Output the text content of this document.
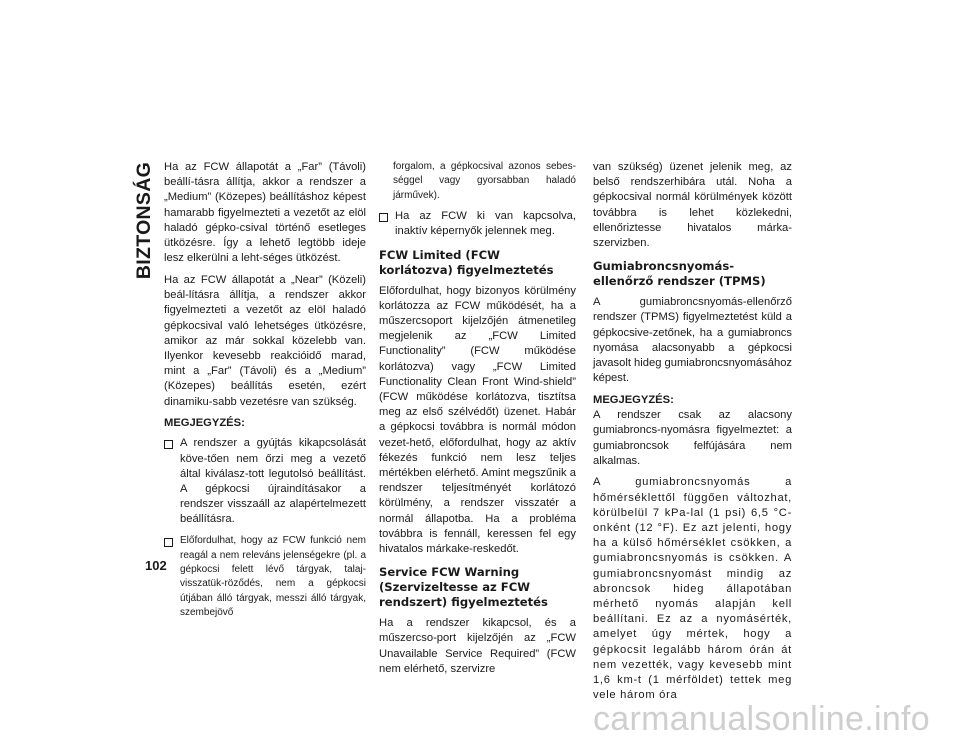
BIZTONSÁG Ha az FCW állapotát a „Far” (Távoli) beállí-tásra állítja, akkor a rendszer a „Medium” (Közepes) beállításhoz képest hamarabb figyelmezteti a vezetőt az elöl haladó gépko-csival történő esetleges ütközésre. Így a lehető legtöbb ideje lesz elkerülni a leht-séges ütközést.

Ha az FCW állapotát a „Near” (Közeli) beál-lításra állítja, a rendszer akkor figyelmezteti a vezetőt az elöl haladó gépkocsival való lehetséges ütközésre, amikor az már sokkal közelebb van. Ilyenkor kevesebb reakcióidő marad, mint a „Far” (Távoli) és a „Medium” (Közepes) beállítás esetén, ezért dinamiku-sabb vezetésre van szükség.

MEGJEGYZÉS:
A rendszer a gyújtás kikapcsolását köve-tően nem őrzi meg a vezető által kiválasz-tott legutolsó beállítást. A gépkocsi újraindításakor a rendszer visszaáll az alapértelmezett beállításra.
Előfordulhat, hogy az FCW funkció nem reagál a nem releváns jelenségekre (pl. a gépkocsi felett lévő tárgyak, talaj-visszatük-röződés, nem a gépkocsi útjában álló tárgyak, messzi álló tárgyak, szembejövő
forgalom, a gépkocsival azonos sebes-séggel vagy gyorsabban haladó járművek).
Ha az FCW ki van kapcsolva, inaktív képernyők jelennek meg.
FCW Limited (FCW korlátozva) figyelmeztetés

Előfordulhat, hogy bizonyos körülmény korlátozza az FCW működését, ha a műszercsoport kijelzőjén átmenetileg megjelenik az „FCW Limited Functionality” (FCW működése korlátozva) vagy „FCW Limited Functionality Clean Front Wind-shield” (FCW működése korlátozva, tisztítsa meg az első szélvédőt) üzenet. Habár a gépkocsi továbbra is normál módon vezet-hető, előfordulhat, hogy az aktív fékezés funkció nem lesz teljes mértékben elérhető. Amint megszűnik a rendszer teljesítményét korlátozó körülmény, a rendszer visszatér a normál állapotba. Ha a probléma továbbra is fennáll, keressen fel egy hivatalos márkake-reskedőt.

Service FCW Warning (Szervizeltesse az FCW rendszert) figyelmeztetés

Ha a rendszer kikapcsol, és a műszercso-port kijelzőjén az „FCW Unavailable Service Required” (FCW nem elérhető, szervizre

van szükség) üzenet jelenik meg, az belső rendszerhibára utál. Noha a gépkocsival normál körülmények között továbbra is lehet közlekedni, ellenőriztesse hivatalos márka-szervizben.

Gumiabroncsnyomás-ellenőrző rendszer (TPMS)

A gumiabroncsnyomás-ellenőrző rendszer (TPMS) figyelmeztetést küld a gépkocsive-zetőnek, ha a gumiabroncs nyomása alacsonyabb a gépkocsi javasolt hideg gumiabroncsnyomásához képest.

MEGJEGYZÉS:

A rendszer csak az alacsony gumiabroncs-nyomásra figyelmeztet: a gumiabroncsok felfújására nem alkalmas.

A gumiabroncsnyomás a hőmérséklettől függően változhat, körülbelül 7 kPa-lal (1 psi) 6,5 °C-onként (12 °F). Ez azt jelenti, hogy ha a külső hőmérséklet csökken, a gumiabroncsnyomás is csökken. A gumiabroncsnyomást mindig az abroncsok hideg állapotában mérhető nyomás alapján kell beállítani. Ez az a nyomásérték, amelyet úgy mértek, hogy a gépkocsit legalább három órán át nem vezették, vagy kevesebb mint 1,6 km-t (1 mérföldet) tettek meg vele három óra

102
carmanualsonline.info
